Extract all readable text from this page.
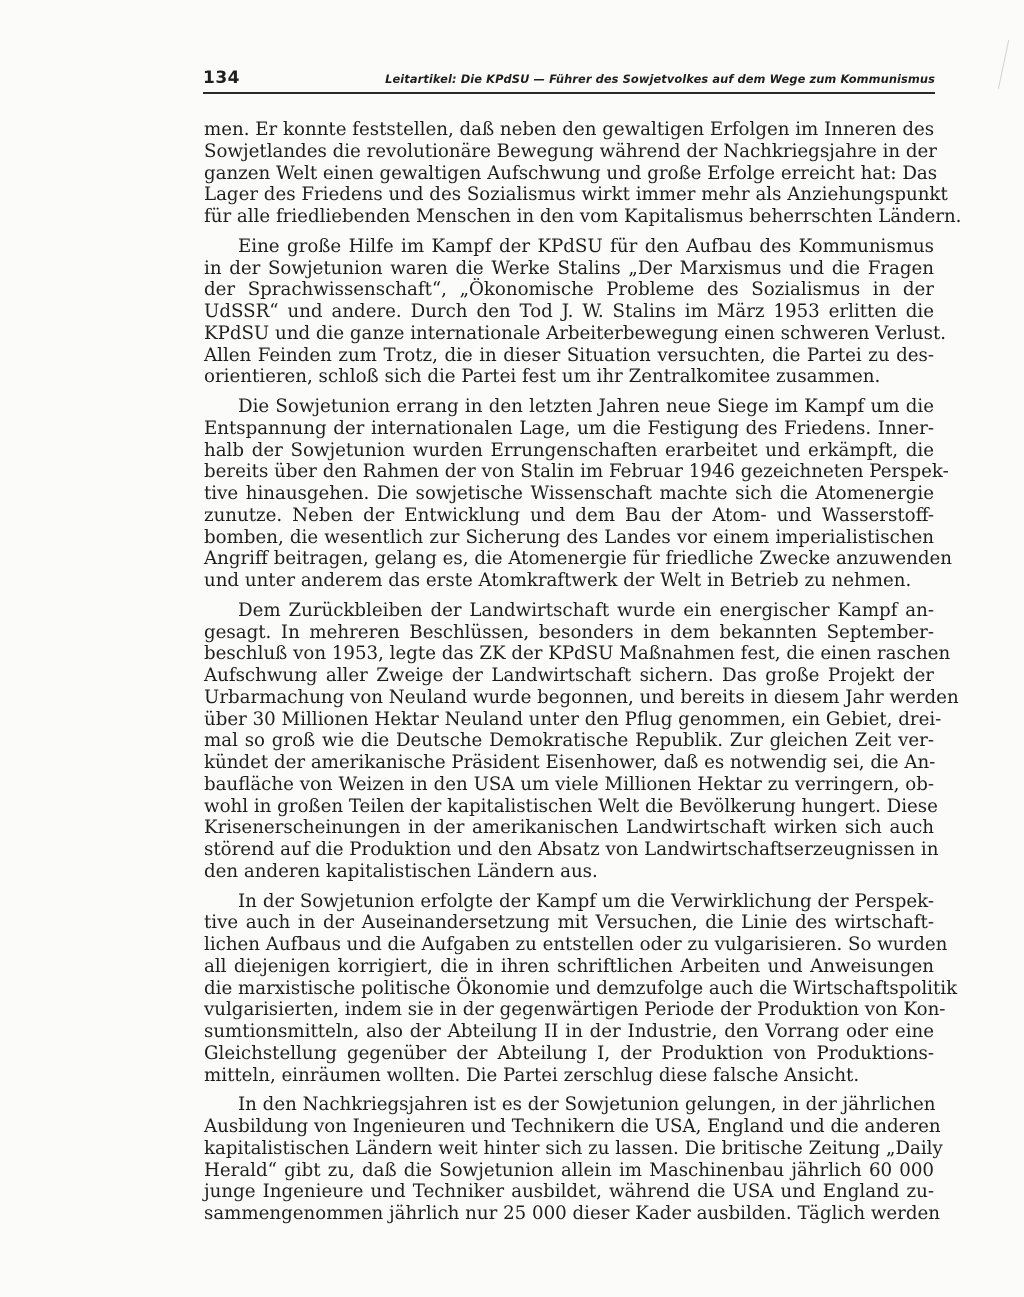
134	Leitartikel: Die KPdSU — Führer des Sowjetvolkes auf dem Wege zum Kommunismus
men. Er konnte feststellen, daß neben den gewaltigen Erfolgen im Inneren des
Sowjetlandes die revolutionäre Bewegung während der Nachkriegsjahre in der
ganzen Welt einen gewaltigen Aufschwung und große Erfolge erreicht hat: Das
Lager des Friedens und des Sozialismus wirkt immer mehr als Anziehungspunkt
für alle friedliebenden Menschen in den vom Kapitalismus beherrschten Ländern.
Eine große Hilfe im Kampf der KPdSU für den Aufbau des Kommunismus
in der Sowjetunion waren die Werke Stalins „Der Marxismus und die Fragen
der Sprachwissenschaft“, „Ökonomische Probleme des Sozialismus in der
UdSSR“ und andere. Durch den Tod J. W. Stalins im März 1953 erlitten die
KPdSU und die ganze internationale Arbeiterbewegung einen schweren Verlust.
Allen Feinden zum Trotz, die in dieser Situation versuchten, die Partei zu des-
orientieren, schloß sich die Partei fest um ihr Zentralkomitee zusammen.
Die Sowjetunion errang in den letzten Jahren neue Siege im Kampf um die
Entspannung der internationalen Lage, um die Festigung des Friedens. Inner-
halb der Sowjetunion wurden Errungenschaften erarbeitet und erkämpft, die
bereits über den Rahmen der von Stalin im Februar 1946 gezeichneten Perspek-
tive hinausgehen. Die sowjetische Wissenschaft machte sich die Atomenergie
zunutze. Neben der Entwicklung und dem Bau der Atom- und Wasserstoff-
bomben, die wesentlich zur Sicherung des Landes vor einem imperialistischen
Angriff beitragen, gelang es, die Atomenergie für friedliche Zwecke anzuwenden
und unter anderem das erste Atomkraftwerk der Welt in Betrieb zu nehmen.
Dem Zurückbleiben der Landwirtschaft wurde ein energischer Kampf an-
gesagt. In mehreren Beschlüssen, besonders in dem bekannten September-
beschluß von 1953, legte das ZK der KPdSU Maßnahmen fest, die einen raschen
Aufschwung aller Zweige der Landwirtschaft sichern. Das große Projekt der
Urbarmachung von Neuland wurde begonnen, und bereits in diesem Jahr werden
über 30 Millionen Hektar Neuland unter den Pflug genommen, ein Gebiet, drei-
mal so groß wie die Deutsche Demokratische Republik. Zur gleichen Zeit ver-
kündet der amerikanische Präsident Eisenhower, daß es notwendig sei, die An-
baufläche von Weizen in den USA um viele Millionen Hektar zu verringern, ob-
wohl in großen Teilen der kapitalistischen Welt die Bevölkerung hungert. Diese
Krisenerscheinungen in der amerikanischen Landwirtschaft wirken sich auch
störend auf die Produktion und den Absatz von Landwirtschaftserzeugnissen in
den anderen kapitalistischen Ländern aus.
In der Sowjetunion erfolgte der Kampf um die Verwirklichung der Perspek-
tive auch in der Auseinandersetzung mit Versuchen, die Linie des wirtschaft-
lichen Aufbaus und die Aufgaben zu entstellen oder zu vulgarisieren. So wurden
all diejenigen korrigiert, die in ihren schriftlichen Arbeiten und Anweisungen
die marxistische politische Ökonomie und demzufolge auch die Wirtschaftspolitik
vulgarisierten, indem sie in der gegenwärtigen Periode der Produktion von Kon-
sumtionsmitteln, also der Abteilung II in der Industrie, den Vorrang oder eine
Gleichstellung gegenüber der Abteilung I, der Produktion von Produktions-
mitteln, einräumen wollten. Die Partei zerschlug diese falsche Ansicht.
In den Nachkriegsjahren ist es der Sowjetunion gelungen, in der jährlichen
Ausbildung von Ingenieuren und Technikern die USA, England und die anderen
kapitalistischen Ländern weit hinter sich zu lassen. Die britische Zeitung „Daily
Herald“ gibt zu, daß die Sowjetunion allein im Maschinenbau jährlich 60 000
junge Ingenieure und Techniker ausbildet, während die USA und England zu-
sammengenommen jährlich nur 25 000 dieser Kader ausbilden. Täglich werden
